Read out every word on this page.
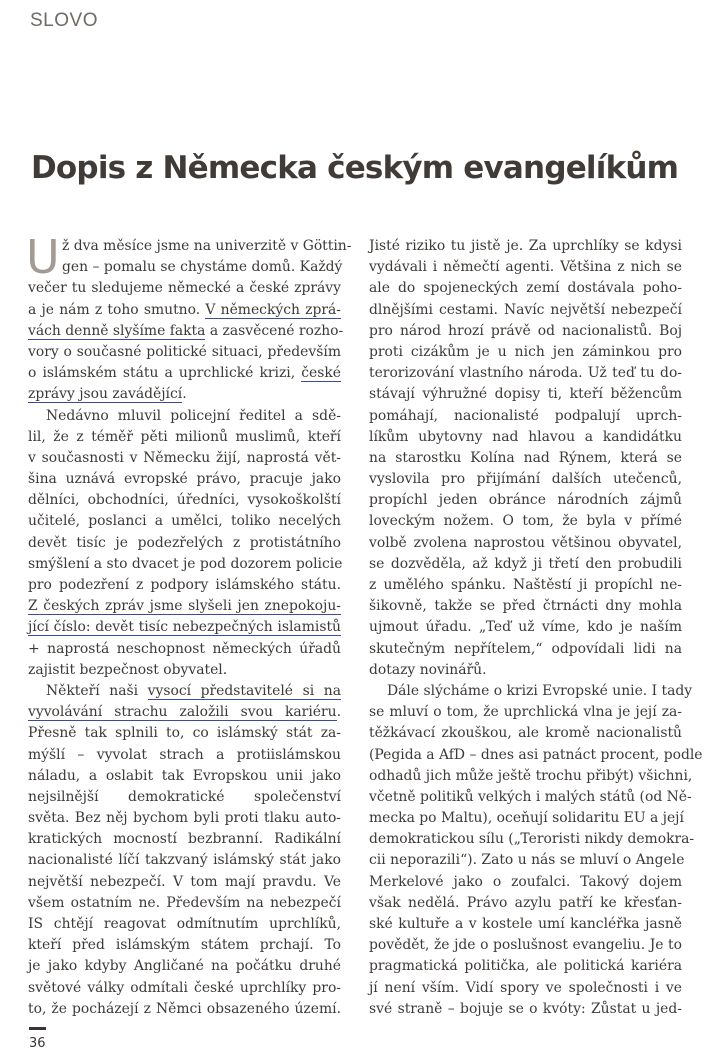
SLOVO
Dopis z Německa českým evangelíkům
U ž dva měsíce jsme na univerzitě v Göttin-
gen – pomalu se chystáme domů. Každý
večer tu sledujeme německé a české zprávy
a je nám z toho smutno. V německých zprá-
vách denně slyšíme fakta a zasvěcené rozho-
vory o současné politické situaci, především
o islámském státu a uprchlické krizi, české
zprávy jsou zavádějící.
Nedávno mluvil policejní ředitel a sdě-
lil, že z téměř pěti milionů muslimů, kteří
v současnosti v Německu žijí, naprostá vět-
šina uznává evropské právo, pracuje jako
dělníci, obchodníci, úředníci, vysokoškolští
učitelé, poslanci a umělci, toliko necelých
devět tisíc je podezřelých z protistátního
smýšlení a sto dvacet je pod dozorem policie
pro podezření z podpory islámského státu.
Z českých zpráv jsme slyšeli jen znepokoju-
jící číslo: devět tisíc nebezpečných islamistů
+ naprostá neschopnost německých úřadů
zajistit bezpečnost obyvatel.
Někteří naši vysocí představitelé si na
vyvolávání strachu založili svou kariéru.
Přesně tak splnili to, co islámský stát za-
mýšlí – vyvolat strach a protiislámskou
náladu, a oslabit tak Evropskou unii jako
nejsilnější demokratické společenství
světa. Bez něj bychom byli proti tlaku auto-
kratických mocností bezbranní. Radikální
nacionalisté líčí takzvaný islámský stát jako
největší nebezpečí. V tom mají pravdu. Ve
všem ostatním ne. Především na nebezpečí
IS chtějí reagovat odmítnutím uprchlíků,
kteří před islámským státem prchají. To
je jako kdyby Angličané na počátku druhé
světové války odmítali české uprchlíky pro-
to, že pocházejí z Němci obsazeného území.
Jisté riziko tu jistě je. Za uprchlíky se kdysi
vydávali i němečtí agenti. Většina z nich se
ale do spojeneckých zemí dostávala poho-
dlnějšími cestami. Navíc největší nebezpečí
pro národ hrozí právě od nacionalistů. Boj
proti cizákům je u nich jen záminkou pro
terorizování vlastního národa. Už teď tu do-
stávají výhružné dopisy ti, kteří běžencům
pomáhají, nacionalisté podpalují uprch-
líkům ubytovny nad hlavou a kandidátku
na starostku Kolína nad Rýnem, která se
vyslovila pro přijímání dalších utečenců,
propíchl jeden obránce národních zájmů
loveckým nožem. O tom, že byla v přímé
volbě zvolena naprostou většinou obyvatel,
se dozvěděla, až když ji třetí den probudili
z umělého spánku. Naštěstí ji propíchl ne-
šikovně, takže se před čtrnácti dny mohla
ujmout úřadu. „Teď už víme, kdo je naším
skutečným nepřítelem,“ odpovídali lidi na
dotazy novinářů.
Dále slýcháme o krizi Evropské unie. I tady
se mluví o tom, že uprchlická vlna je její za-
těžkávací zkouškou, ale kromě nacionalistů
(Pegida a AfD – dnes asi patnáct procent, podle
odhadů jich může ještě trochu přibýt) všichni,
včetně politiků velkých i malých států (od Ně-
mecka po Maltu), oceňují solidaritu EU a její
demokratickou sílu („Teroristi nikdy demokra-
cii neporazili“). Zato u nás se mluví o Angele
Merkelové jako o zoufalci. Takový dojem
však nedělá. Právo azylu patří ke křesťan-
ské kultuře a v kostele umí kancléřka jasně
povědět, že jde o poslušnost evangeliu. Je to
pragmatická politička, ale politická kariéra
jí není vším. Vidí spory ve společnosti i ve
své straně – bojuje se o kvóty: Zůstat u jed-
36
